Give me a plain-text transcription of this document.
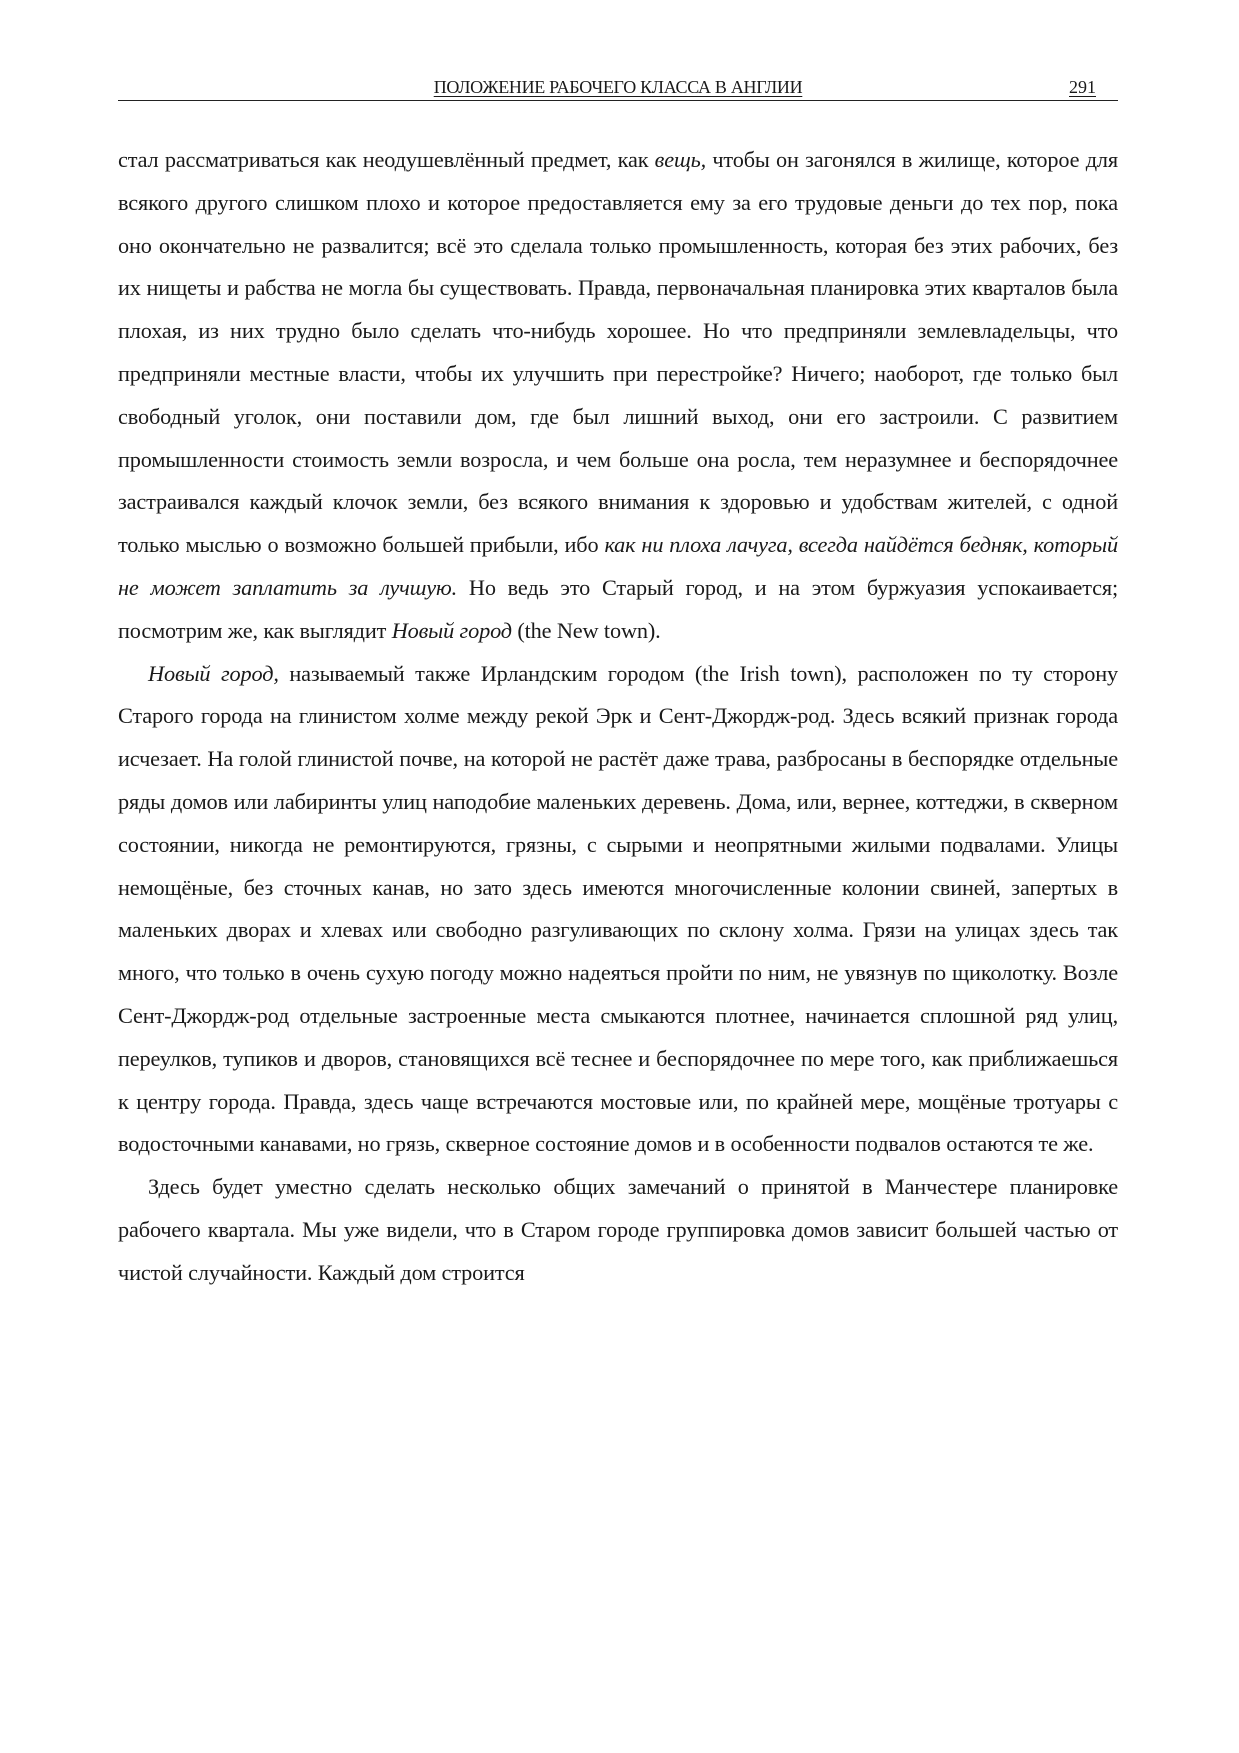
ПОЛОЖЕНИЕ РАБОЧЕГО КЛАССА В АНГЛИИ	291

стал рассматриваться как неодушевлённый предмет, как вещь, чтобы он загонялся в жилище, которое для всякого другого слишком плохо и которое предоставляется ему за его трудовые деньги до тех пор, пока оно окончательно не развалится; всё это сделала только промышленность, которая без этих рабочих, без их нищеты и рабства не могла бы существовать. Правда, первоначальная планировка этих кварталов была плохая, из них трудно было сделать что-нибудь хорошее. Но что предприняли землевладельцы, что предприняли местные власти, чтобы их улучшить при перестройке? Ничего; наоборот, где только был свободный уголок, они поставили дом, где был лишний выход, они его застроили. С развитием промышленности стоимость земли возросла, и чем больше она росла, тем неразумнее и беспорядочнее застраивался каждый клочок земли, без всякого внимания к здоровью и удобствам жителей, с одной только мыслью о возможно большей прибыли, ибо как ни плоха лачуга, всегда найдётся бедняк, который не может заплатить за лучшую. Но ведь это Старый город, и на этом буржуазия успокаивается; посмотрим же, как выглядит Новый город (the New town).

Новый город, называемый также Ирландским городом (the Irish town), расположен по ту сторону Старого города на глинистом холме между рекой Эрк и Сент-Джордж-род. Здесь всякий признак города исчезает. На голой глинистой почве, на которой не растёт даже трава, разбросаны в беспорядке отдельные ряды домов или лабиринты улиц наподобие маленьких деревень. Дома, или, вернее, коттеджи, в скверном состоянии, никогда не ремонтируются, грязны, с сырыми и неопрятными жилыми подвалами. Улицы немощёные, без сточных канав, но зато здесь имеются многочисленные колонии свиней, запертых в маленьких дворах и хлевах или свободно разгуливающих по склону холма. Грязи на улицах здесь так много, что только в очень сухую погоду можно надеяться пройти по ним, не увязнув по щиколотку. Возле Сент-Джордж-род отдельные застроенные места смыкаются плотнее, начинается сплошной ряд улиц, переулков, тупиков и дворов, становящихся всё теснее и беспорядочнее по мере того, как приближаешься к центру города. Правда, здесь чаще встречаются мостовые или, по крайней мере, мощёные тротуары с водосточными канавами, но грязь, скверное состояние домов и в особенности подвалов остаются те же.

Здесь будет уместно сделать несколько общих замечаний о принятой в Манчестере планировке рабочего квартала. Мы уже видели, что в Старом городе группировка домов зависит большей частью от чистой случайности. Каждый дом строится
